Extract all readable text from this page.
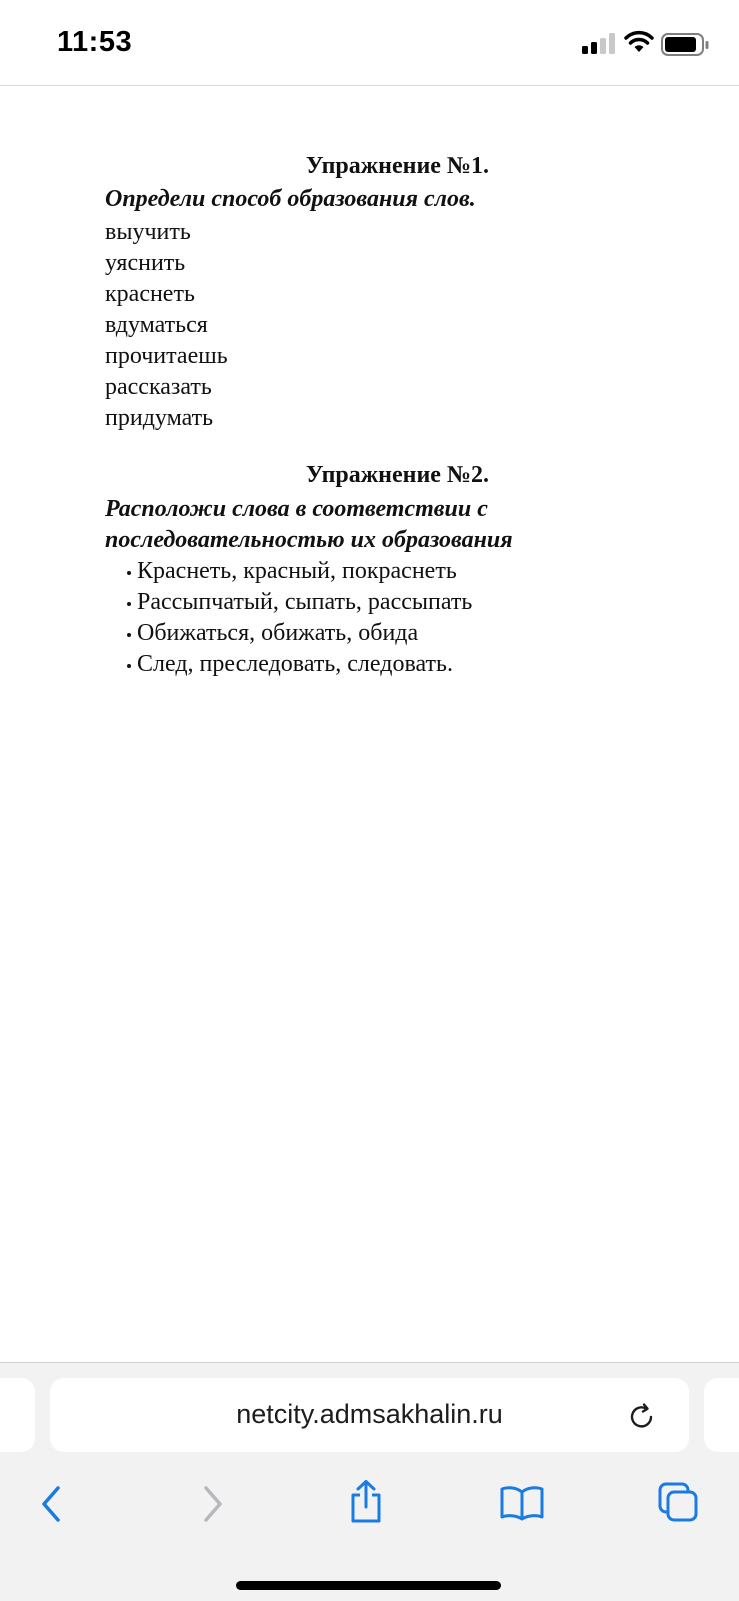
11:53
Упражнение №1.
Определи способ образования слов.
выучить
уяснить
краснеть
вдуматься
прочитаешь
рассказать
придумать
Упражнение №2.
Расположи слова в соответствии с
последовательностью их образования
Краснеть, красный, покраснеть
Рассыпчатый, сыпать, рассыпать
Обижаться, обижать, обида
След, преследовать, следовать.
netcity.admsakhalin.ru
